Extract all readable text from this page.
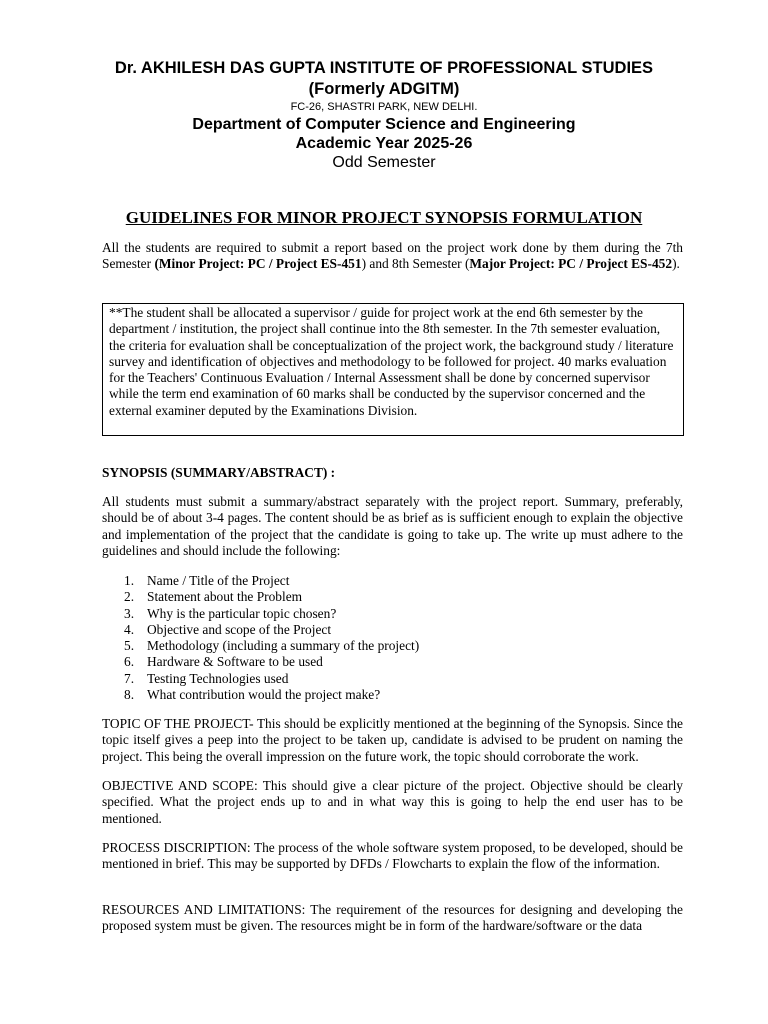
Dr. AKHILESH DAS GUPTA INSTITUTE OF PROFESSIONAL STUDIES
(Formerly ADGITM)
FC-26, SHASTRI PARK, NEW DELHI.
Department of Computer Science and Engineering
Academic Year 2025-26
Odd Semester
GUIDELINES FOR MINOR PROJECT SYNOPSIS FORMULATION
All the students are required to submit a report based on the project work done by them during the 7th Semester (Minor Project: PC / Project ES-451) and 8th Semester (Major Project: PC / Project ES-452).
**The student shall be allocated a supervisor / guide for project work at the end 6th semester by the department / institution, the project shall continue into the 8th semester. In the 7th semester evaluation, the criteria for evaluation shall be conceptualization of the project work, the background study / literature survey and identification of objectives and methodology to be followed for project. 40 marks evaluation for the Teachers' Continuous Evaluation / Internal Assessment shall be done by concerned supervisor while the term end examination of 60 marks shall be conducted by the supervisor concerned and the external examiner deputed by the Examinations Division.
SYNOPSIS (SUMMARY/ABSTRACT) :
All students must submit a summary/abstract separately with the project report. Summary, preferably, should be of about 3-4 pages. The content should be as brief as is sufficient enough to explain the objective and implementation of the project that the candidate is going to take up. The write up must adhere to the guidelines and should include the following:
1. Name / Title of the Project
2. Statement about the Problem
3. Why is the particular topic chosen?
4. Objective and scope of the Project
5. Methodology (including a summary of the project)
6. Hardware & Software to be used
7. Testing Technologies used
8. What contribution would the project make?
TOPIC OF THE PROJECT- This should be explicitly mentioned at the beginning of the Synopsis. Since the topic itself gives a peep into the project to be taken up, candidate is advised to be prudent on naming the project. This being the overall impression on the future work, the topic should corroborate the work.
OBJECTIVE AND SCOPE: This should give a clear picture of the project. Objective should be clearly specified. What the project ends up to and in what way this is going to help the end user has to be mentioned.
PROCESS DISCRIPTION: The process of the whole software system proposed, to be developed, should be mentioned in brief. This may be supported by DFDs / Flowcharts to explain the flow of the information.
RESOURCES AND LIMITATIONS: The requirement of the resources for designing and developing the proposed system must be given. The resources might be in form of the hardware/software or the data
